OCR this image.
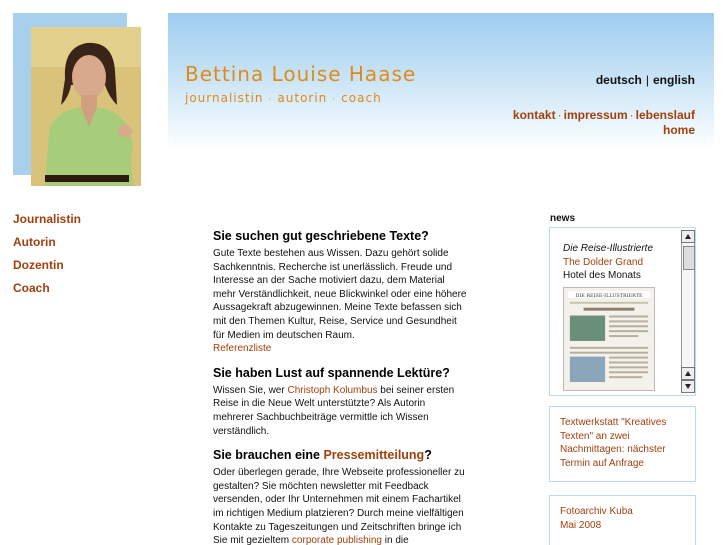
Bettina Louise Haase
journalistin · autorin · coach
deutsch | english
kontakt · impressum · lebenslauf
home
Journalistin
Autorin
Dozentin
Coach
Sie suchen gut geschriebene Texte?

Gute Texte bestehen aus Wissen. Dazu gehört solide Sachkenntnis. Recherche ist unerlässlich. Freude und Interesse an der Sache motiviert dazu, dem Material mehr Verständlichkeit, neue Blickwinkel oder eine höhere Aussagekraft abzugewinnen. Meine Texte befassen sich mit den Themen Kultur, Reise, Service und Gesundheit für Medien im deutschen Raum.
Referenzliste

Sie haben Lust auf spannende Lektüre?

Wissen Sie, wer Christoph Kolumbus bei seiner ersten Reise in die Neue Welt unterstützte? Als Autorin mehrerer Sachbuchbeiträge vermittle ich Wissen verständlich.

Sie brauchen eine Pressemitteilung?

Oder überlegen gerade, Ihre Webseite professioneller zu gestalten? Sie möchten newsletter mit Feedback versenden, oder Ihr Unternehmen mit einem Fachartikel im richtigen Medium platzieren? Durch meine vielfältigen Kontakte zu Tageszeitungen und Zeitschriften bringe ich Sie mit gezieltem corporate publishing in die

news
Die Reise-Illustrierte
The Dolder Grand
Hotel des Monats
DIE REISE-ILLUSTRIERTE
Textwerkstatt "Kreatives Texten" an zwei Nachmittagen: nächster Termin auf Anfrage
Fotoarchiv Kuba
Mai 2008
